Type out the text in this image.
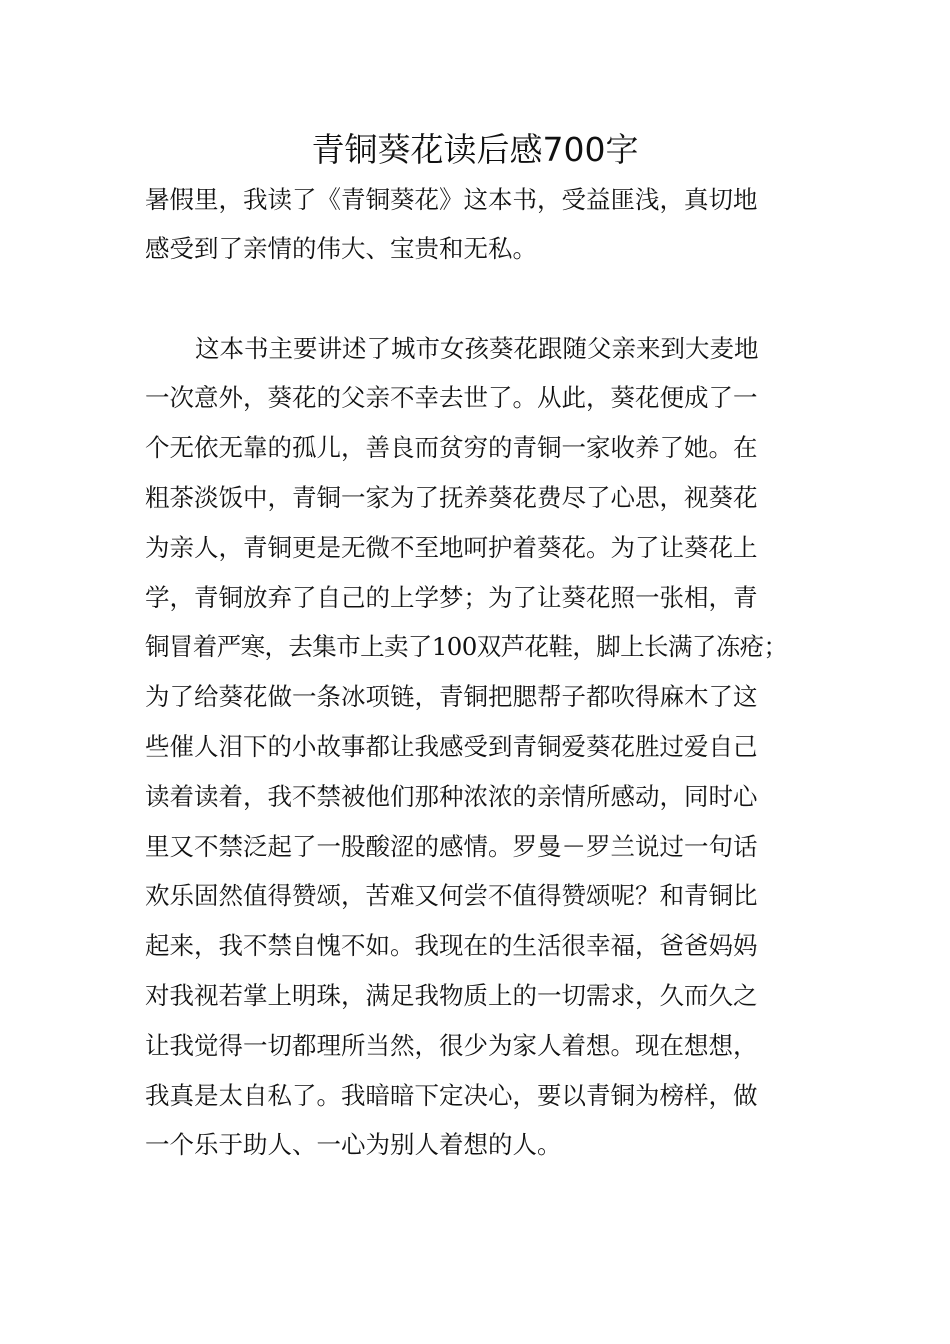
青铜葵花读后感700字
暑假里，我读了《青铜葵花》这本书，受益匪浅，真切地
感受到了亲情的伟大、宝贵和无私。
这本书主要讲述了城市女孩葵花跟随父亲来到大麦地
一次意外，葵花的父亲不幸去世了。从此，葵花便成了一
个无依无靠的孤儿，善良而贫穷的青铜一家收养了她。在
粗茶淡饭中，青铜一家为了抚养葵花费尽了心思，视葵花
为亲人，青铜更是无微不至地呵护着葵花。为了让葵花上
学，青铜放弃了自己的上学梦；为了让葵花照一张相，青
铜冒着严寒，去集市上卖了100双芦花鞋，脚上长满了冻疮；
为了给葵花做一条冰项链，青铜把腮帮子都吹得麻木了这
些催人泪下的小故事都让我感受到青铜爱葵花胜过爱自己
读着读着，我不禁被他们那种浓浓的亲情所感动，同时心
里又不禁泛起了一股酸涩的感情。罗曼－罗兰说过一句话
欢乐固然值得赞颂，苦难又何尝不值得赞颂呢？和青铜比
起来，我不禁自愧不如。我现在的生活很幸福，爸爸妈妈
对我视若掌上明珠，满足我物质上的一切需求，久而久之
让我觉得一切都理所当然，很少为家人着想。现在想想，
我真是太自私了。我暗暗下定决心，要以青铜为榜样，做
一个乐于助人、一心为别人着想的人。
